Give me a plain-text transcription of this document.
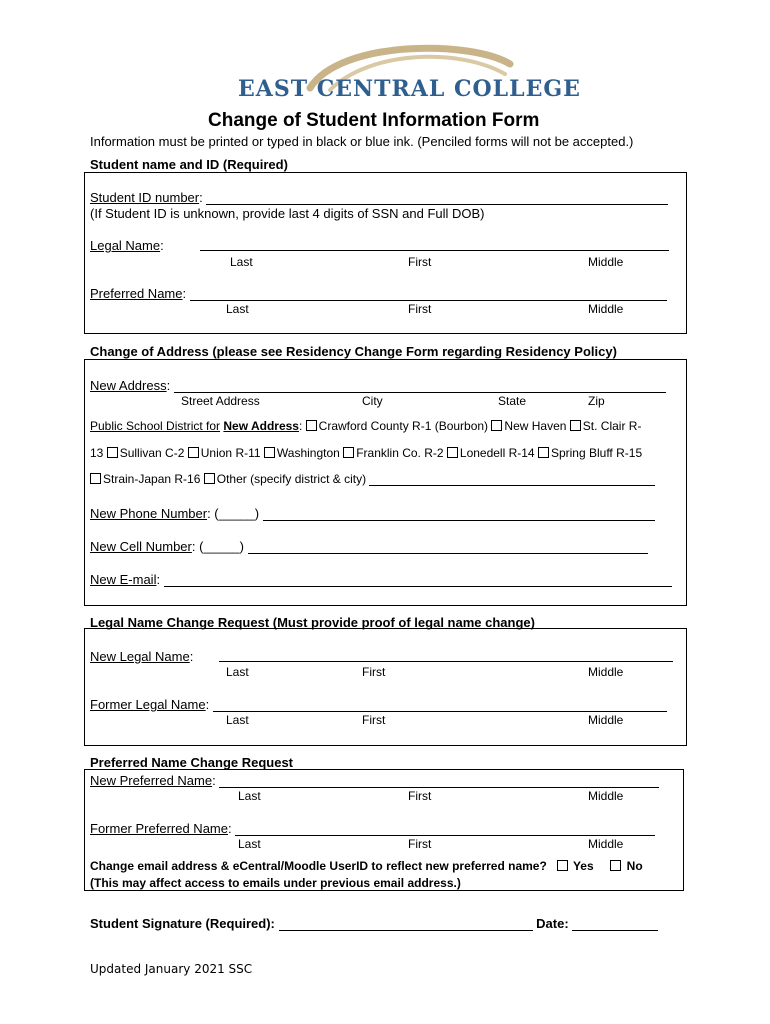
EAST CENTRAL COLLEGE
Change of Student Information Form
Information must be printed or typed in black or blue ink. (Penciled forms will not be accepted.)
Student name and ID (Required)
Student ID number:
(If Student ID is unknown, provide last 4 digits of SSN and Full DOB)
Legal Name:
Last	First	Middle
Preferred Name:
Last	First	Middle
Change of Address (please see Residency Change Form regarding Residency Policy)
New Address:
Street Address	City	State	Zip
Public School District for New Address: Crawford County R-1 (Bourbon) New Haven St. Clair R-
13 Sullivan C-2 Union R-11 Washington Franklin Co. R-2 Lonedell R-14 Spring Bluff R-15
Strain-Japan R-16 Other (specify district & city)
New Phone Number: (_____)
New Cell Number: (_____)
New E-mail:
Legal Name Change Request (Must provide proof of legal name change)
New Legal Name:
Last	First	Middle
Former Legal Name:
Last	First	Middle
Preferred Name Change Request
New Preferred Name:
Last	First	Middle
Former Preferred Name:
Last	First	Middle
Change email address & eCentral/Moodle UserID to reflect new preferred name? Yes	No
(This may affect access to emails under previous email address.)
Student Signature (Required):	Date:
Updated January 2021 SSC
